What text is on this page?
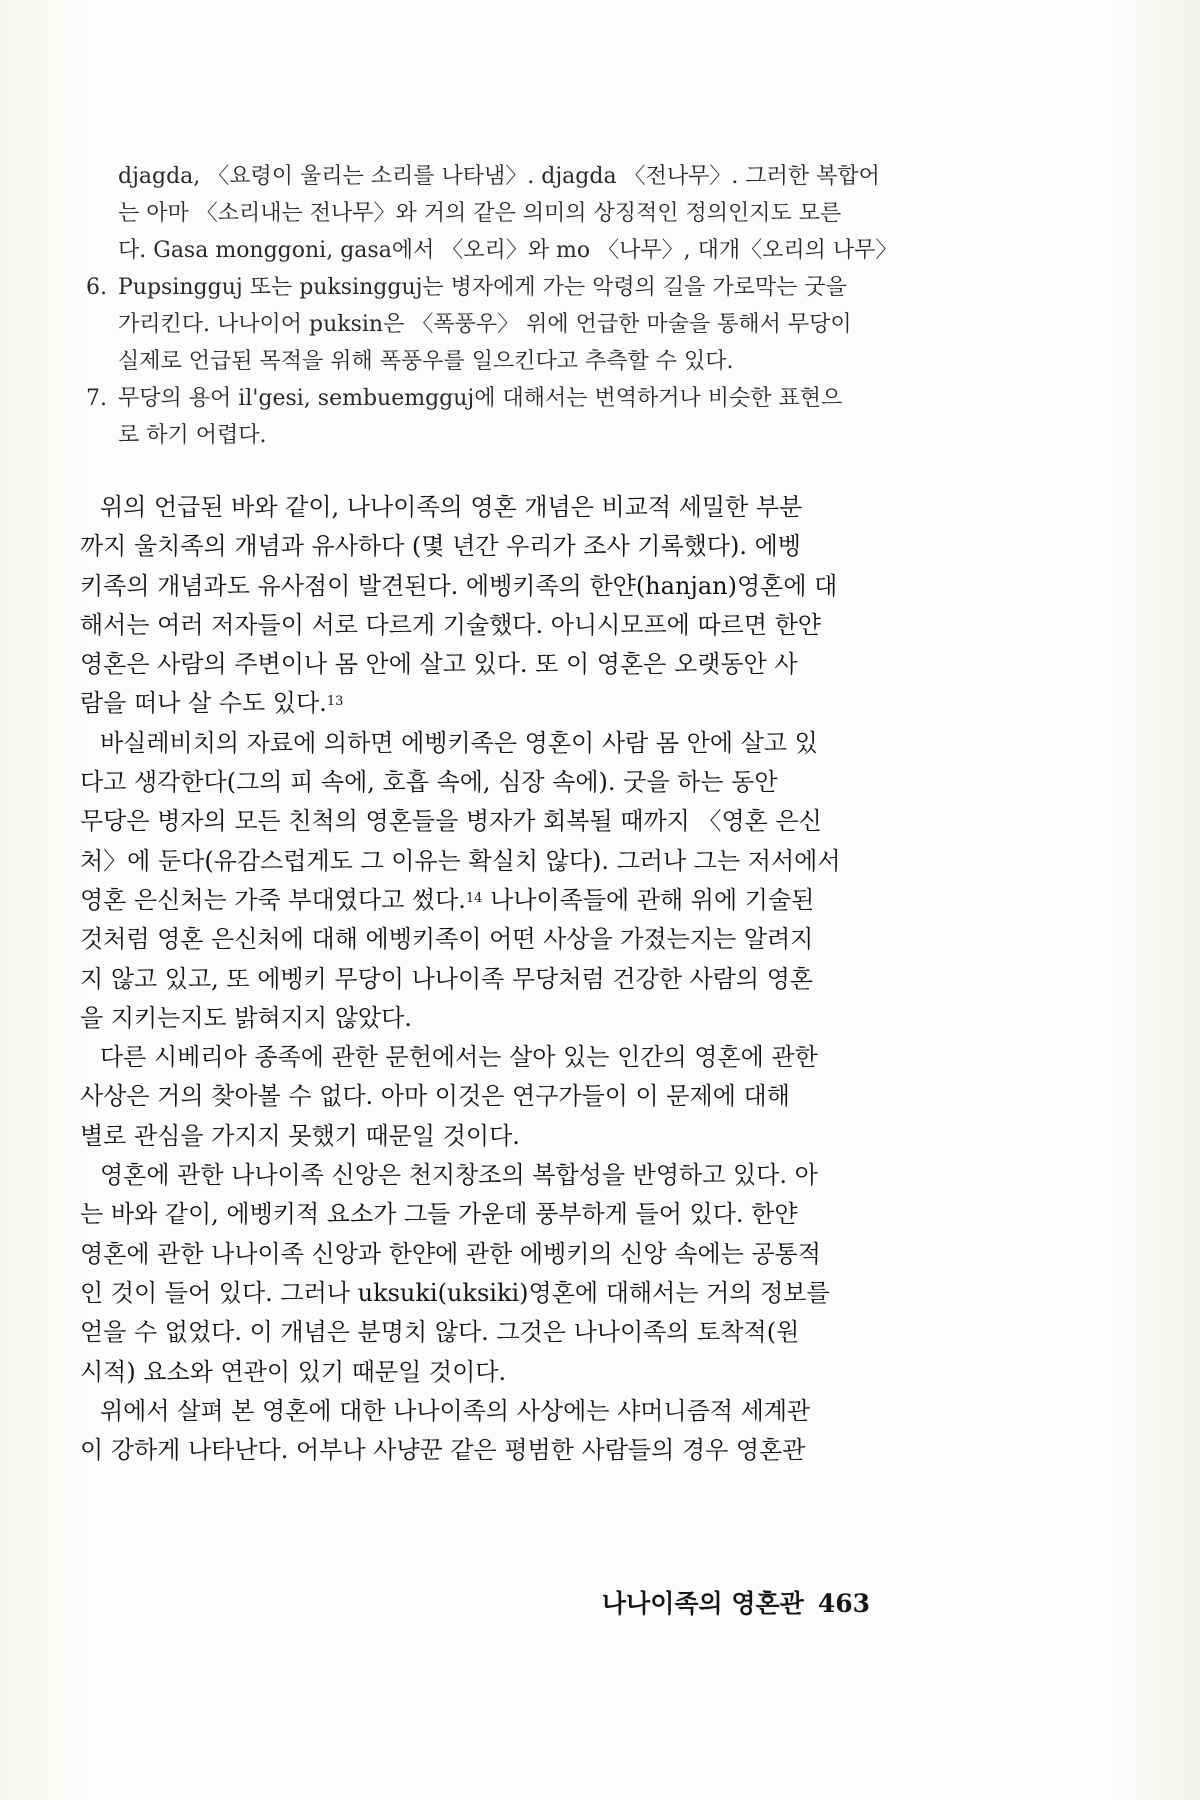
djagda, 〈요령이 울리는 소리를 나타냄〉. djagda 〈전나무〉. 그러한 복합어
는 아마 〈소리내는 전나무〉와 거의 같은 의미의 상징적인 정의인지도 모른
다. Gasa monggoni, gasa에서 〈오리〉와 mo 〈나무〉, 대개〈오리의 나무〉
6. Pupsingguj 또는 puksingguj는 병자에게 가는 악령의 길을 가로막는 굿을
가리킨다. 나나이어 puksin은 〈폭풍우〉 위에 언급한 마술을 통해서 무당이
실제로 언급된 목적을 위해 폭풍우를 일으킨다고 추측할 수 있다.
7. 무당의 용어 il'gesi, sembuemgguj에 대해서는 번역하거나 비슷한 표현으
로 하기 어렵다.
위의 언급된 바와 같이, 나나이족의 영혼 개념은 비교적 세밀한 부분
까지 울치족의 개념과 유사하다 (몇 년간 우리가 조사 기록했다). 에벵
키족의 개념과도 유사점이 발견된다. 에벵키족의 한얀(hanjan)영혼에 대
해서는 여러 저자들이 서로 다르게 기술했다. 아니시모프에 따르면 한얀
영혼은 사람의 주변이나 몸 안에 살고 있다. 또 이 영혼은 오랫동안 사
람을 떠나 살 수도 있다.$^{13}$
바실레비치의 자료에 의하면 에벵키족은 영혼이 사람 몸 안에 살고 있
다고 생각한다(그의 피 속에, 호흡 속에, 심장 속에). 굿을 하는 동안
무당은 병자의 모든 친척의 영혼들을 병자가 회복될 때까지 〈영혼 은신
처〉에 둔다(유감스럽게도 그 이유는 확실치 않다). 그러나 그는 저서에서
영혼 은신처는 가죽 부대였다고 썼다.$^{14}$ 나나이족들에 관해 위에 기술된
것처럼 영혼 은신처에 대해 에벵키족이 어떤 사상을 가졌는지는 알려지
지 않고 있고, 또 에벵키 무당이 나나이족 무당처럼 건강한 사람의 영혼
을 지키는지도 밝혀지지 않았다.
다른 시베리아 종족에 관한 문헌에서는 살아 있는 인간의 영혼에 관한
사상은 거의 찾아볼 수 없다. 아마 이것은 연구가들이 이 문제에 대해
별로 관심을 가지지 못했기 때문일 것이다.
영혼에 관한 나나이족 신앙은 천지창조의 복합성을 반영하고 있다. 아
는 바와 같이, 에벵키적 요소가 그들 가운데 풍부하게 들어 있다. 한얀
영혼에 관한 나나이족 신앙과 한얀에 관한 에벵키의 신앙 속에는 공통적
인 것이 들어 있다. 그러나 uksuki(uksiki)영혼에 대해서는 거의 정보를
얻을 수 없었다. 이 개념은 분명치 않다. 그것은 나나이족의 토착적(원
시적) 요소와 연관이 있기 때문일 것이다.
위에서 살펴 본 영혼에 대한 나나이족의 사상에는 샤머니즘적 세계관
이 강하게 나타난다. 어부나 사냥꾼 같은 평범한 사람들의 경우 영혼관
나나이족의 영혼관 463
